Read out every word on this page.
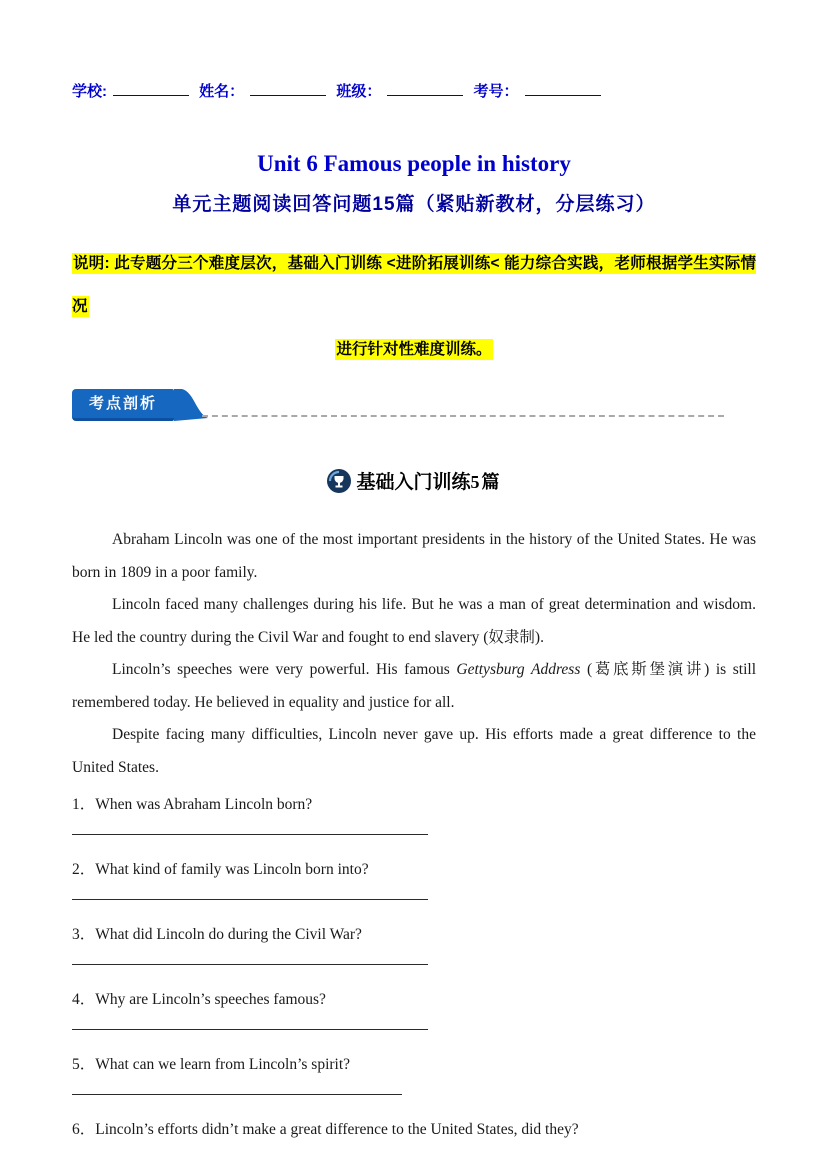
学校:	姓名：	班级：	考号：
Unit 6 Famous people in history
单元主题阅读回答问题15篇（紧贴新教材，分层练习）
说明: 此专题分三个难度层次，基础入门训练 <进阶拓展训练< 能力综合实践，老师根据学生实际情况
进行针对性难度训练。
考点剖析
基础入门训练5篇

Abraham Lincoln was one of the most important presidents in the history of the United States. He was born in 1809 in a poor family.

Lincoln faced many challenges during his life. But he was a man of great determination and wisdom. He led the country during the Civil War and fought to end slavery (奴隶制).

Lincoln’s speeches were very powerful. His famous Gettysburg Address (葛底斯堡演讲) is still remembered today. He believed in equality and justice for all.

Despite facing many difficulties, Lincoln never gave up. His efforts made a great difference to the United States.

1．When was Abraham Lincoln born?
2．What kind of family was Lincoln born into?
3．What did Lincoln do during the Civil War?
4．Why are Lincoln’s speeches famous?
5．What can we learn from Lincoln’s spirit?
6．Lincoln’s efforts didn’t make a great difference to the United States, did they?
